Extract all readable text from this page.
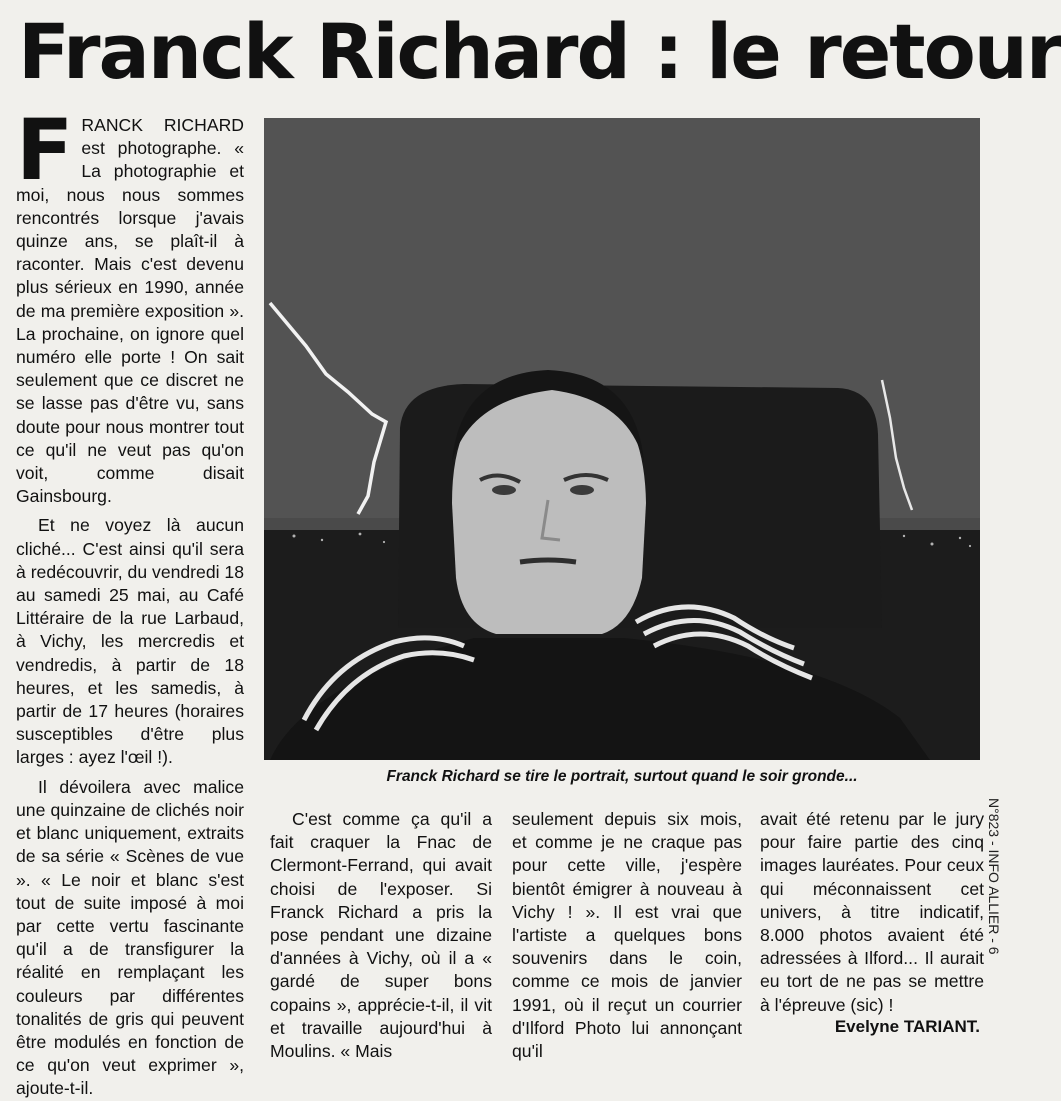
Franck Richard : le retour

FRANCK RICHARD est photographe. « La photographie et moi, nous nous sommes rencontrés lorsque j'avais quinze ans, se plaît-il à raconter. Mais c'est devenu plus sérieux en 1990, année de ma première exposition ». La prochaine, on ignore quel numéro elle porte ! On sait seulement que ce discret ne se lasse pas d'être vu, sans doute pour nous montrer tout ce qu'il ne veut pas qu'on voit, comme disait Gainsbourg.

Et ne voyez là aucun cliché... C'est ainsi qu'il sera à redécouvrir, du vendredi 18 au samedi 25 mai, au Café Littéraire de la rue Larbaud, à Vichy, les mercredis et vendredis, à partir de 18 heures, et les samedis, à partir de 17 heures (horaires susceptibles d'être plus larges : ayez l'œil !).

Il dévoilera avec malice une quinzaine de clichés noir et blanc uniquement, extraits de sa série « Scènes de vue ». « Le noir et blanc s'est tout de suite imposé à moi par cette vertu fascinante qu'il a de transfigurer la réalité en remplaçant les couleurs par différentes tonalités de gris qui peuvent être modulés en fonction de ce qu'on veut exprimer », ajoute-t-il.

Franck Richard se tire le portrait, surtout quand le soir gronde...

C'est comme ça qu'il a fait craquer la Fnac de Clermont-Ferrand, qui avait choisi de l'exposer. Si Franck Richard a pris la pose pendant une dizaine d'années à Vichy, où il a « gardé de super bons copains », apprécie-t-il, il vit et travaille aujourd'hui à Moulins. « Mais

seulement depuis six mois, et comme je ne craque pas pour cette ville, j'espère bientôt émigrer à nouveau à Vichy ! ». Il est vrai que l'artiste a quelques bons souvenirs dans le coin, comme ce mois de janvier 1991, où il reçut un courrier d'Ilford Photo lui annonçant qu'il

avait été retenu par le jury pour faire partie des cinq images lauréates. Pour ceux qui méconnaissent cet univers, à titre indicatif, 8.000 photos avaient été adressées à Ilford... Il aurait eu tort de ne pas se mettre à l'épreuve (sic) !

Evelyne TARIANT.
N°823 - INFO ALLIER - 6
